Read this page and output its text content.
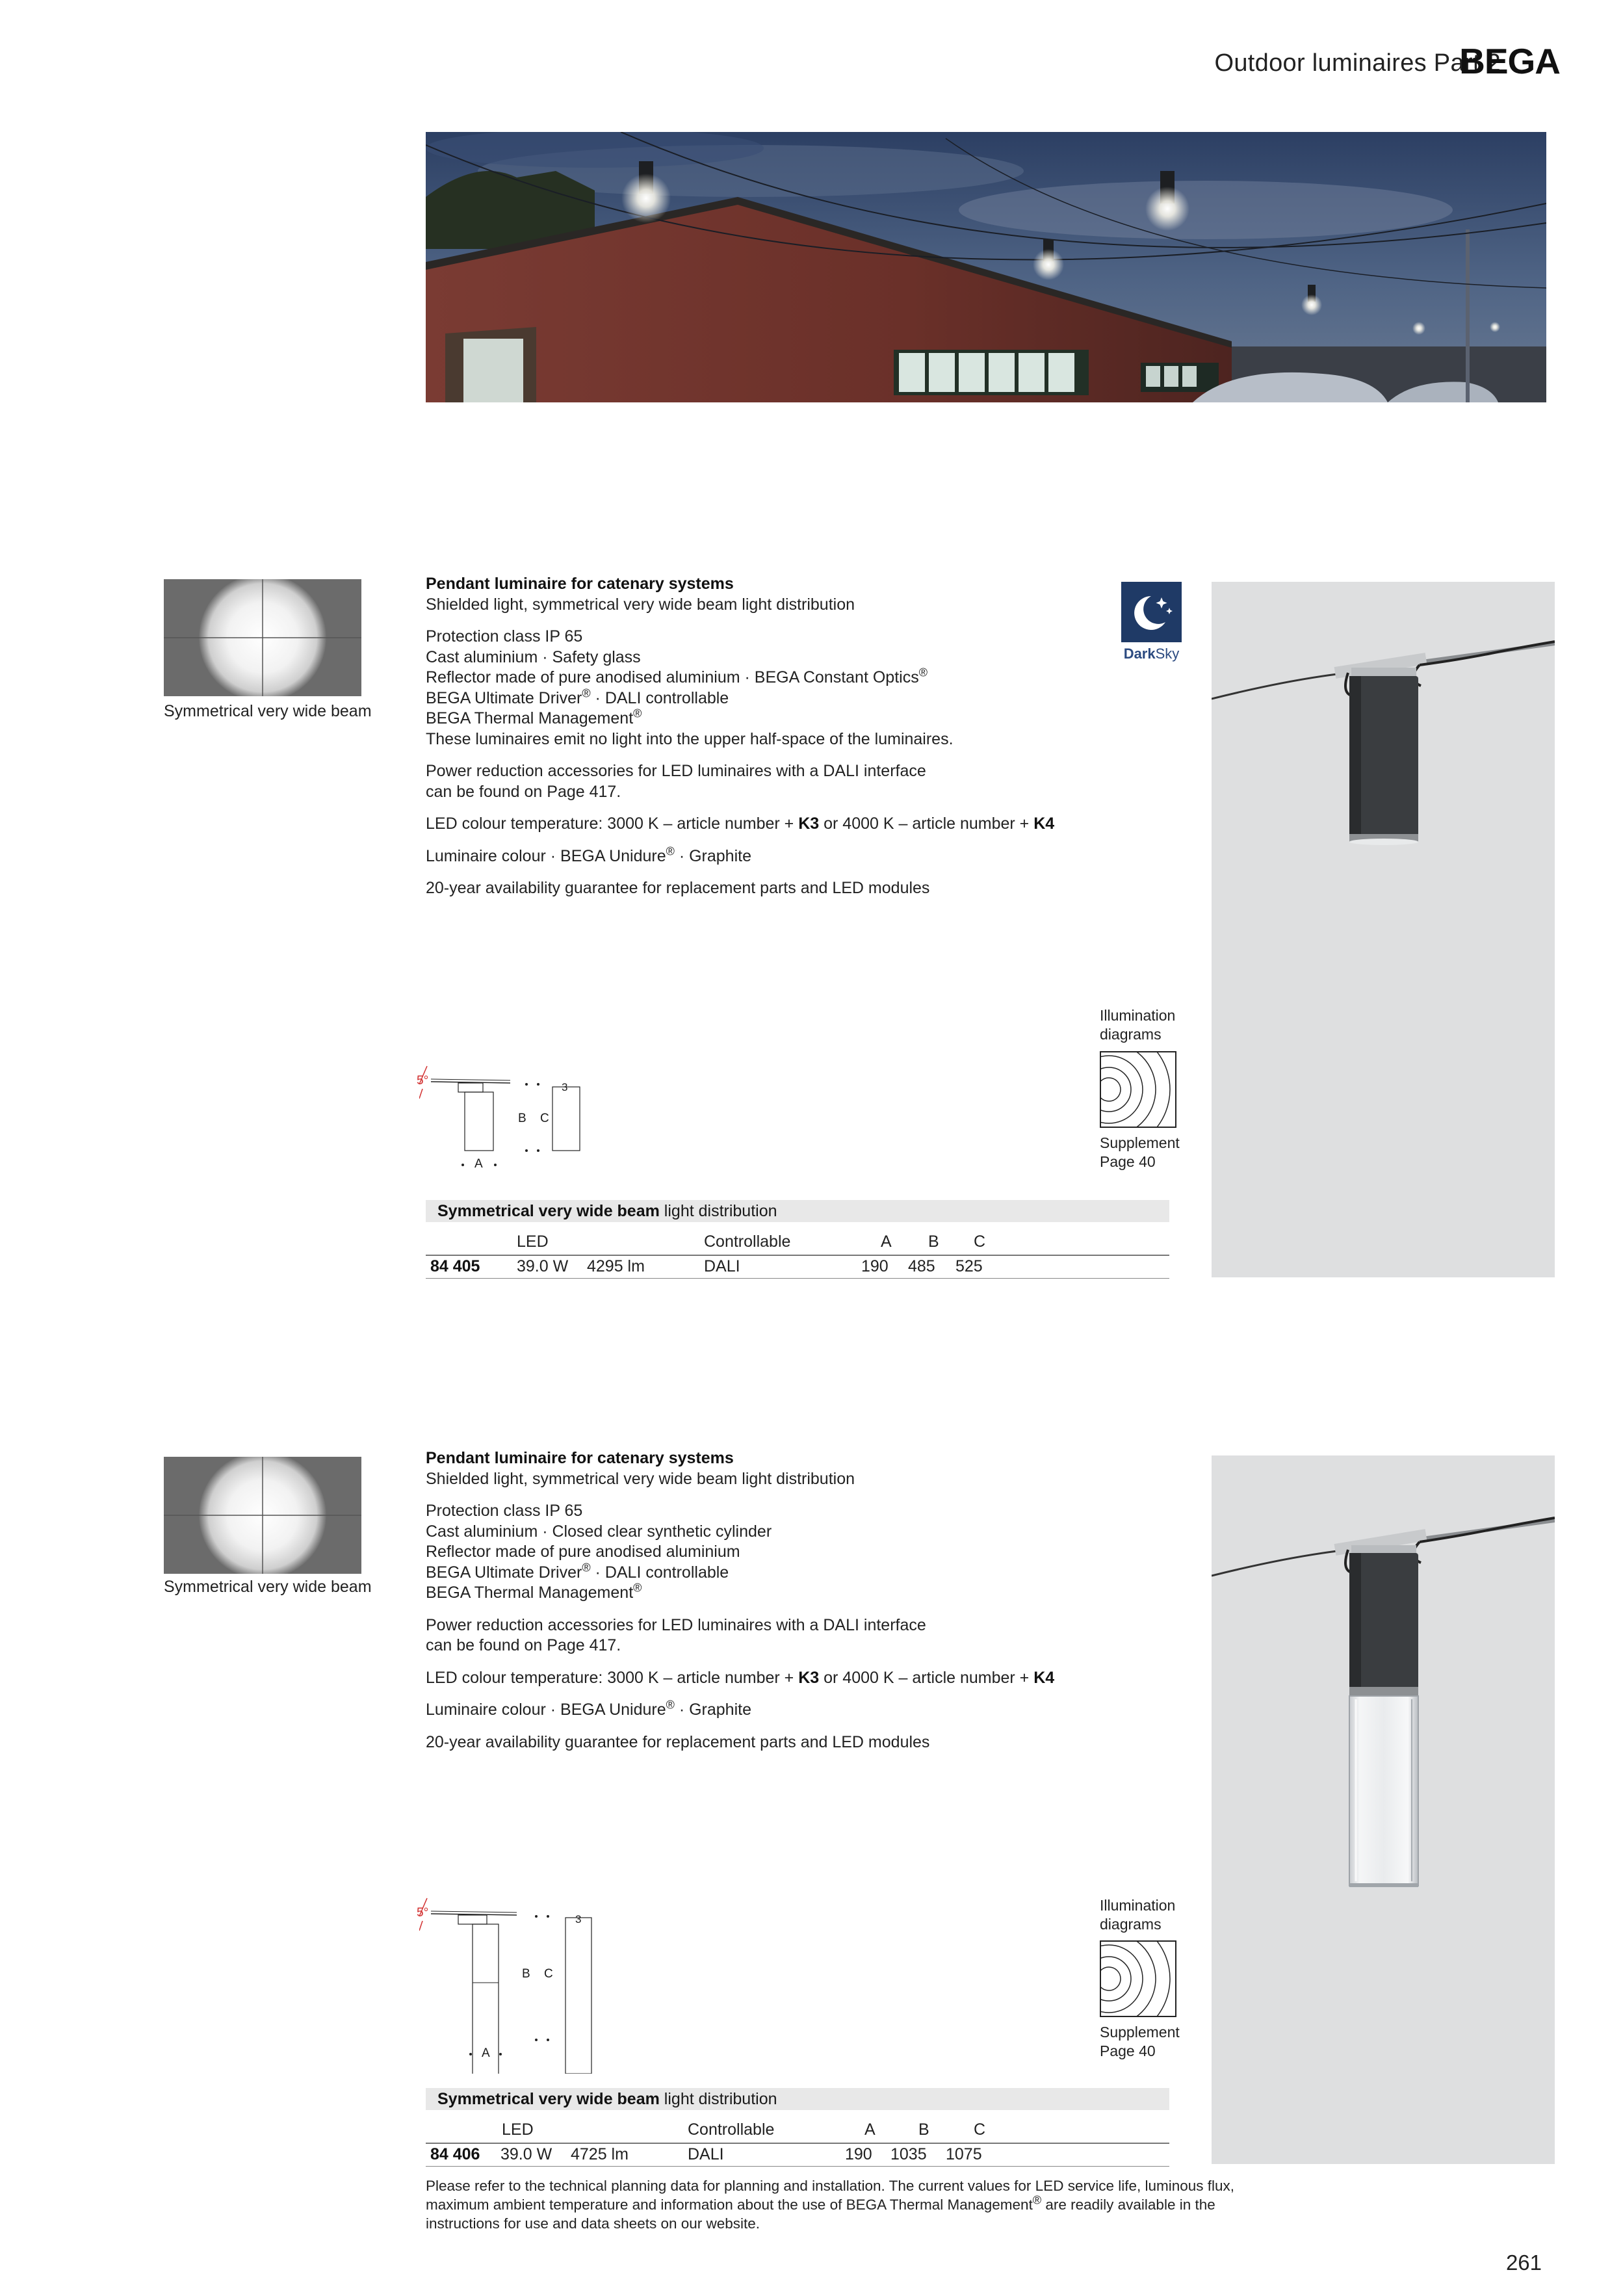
Outdoor luminaires Part 2
BEGA
Symmetrical very wide beam

Pendant luminaire for catenary systems
Shielded light, symmetrical very wide beam light distribution

Protection class IP 65
Cast aluminium · Safety glass
Reflector made of pure anodised aluminium · BEGA Constant Optics®
BEGA Ultimate Driver® · DALI controllable
BEGA Thermal Management®
These luminaires emit no light into the upper half-space of the luminaires.

Power reduction accessories for LED luminaires with a DALI interface
can be found on Page 417.

LED colour temperature: 3000 K – article number + K3 or 4000 K – article number + K4

Luminaire colour · BEGA Unidure® · Graphite

20-year availability guarantee for replacement parts and LED modules

DarkSky
3
5°
B C
A
Illumination
diagrams
Supplement
Page 40
Symmetrical very wide beam light distribution
LED	Controllable	A B C
84 405 39.0 W 4295 lm	DALI	190 485 525
Symmetrical very wide beam

Pendant luminaire for catenary systems
Shielded light, symmetrical very wide beam light distribution

Protection class IP 65
Cast aluminium · Closed clear synthetic cylinder
Reflector made of pure anodised aluminium
BEGA Ultimate Driver® · DALI controllable
BEGA Thermal Management®

Power reduction accessories for LED luminaires with a DALI interface
can be found on Page 417.

LED colour temperature: 3000 K – article number + K3 or 4000 K – article number + K4

Luminaire colour · BEGA Unidure® · Graphite

20-year availability guarantee for replacement parts and LED modules

3
5°
B C
A
Illumination
diagrams
Supplement
Page 40
Symmetrical very wide beam light distribution
LED	Controllable	A	B	C
84 406 39.0 W 4725 lm	DALI	190 1035 1075
Please refer to the technical planning data for planning and installation. The current values for LED service life, luminous flux,
maximum ambient temperature and information about the use of BEGA Thermal Management® are readily available in the
instructions for use and data sheets on our website.
261
